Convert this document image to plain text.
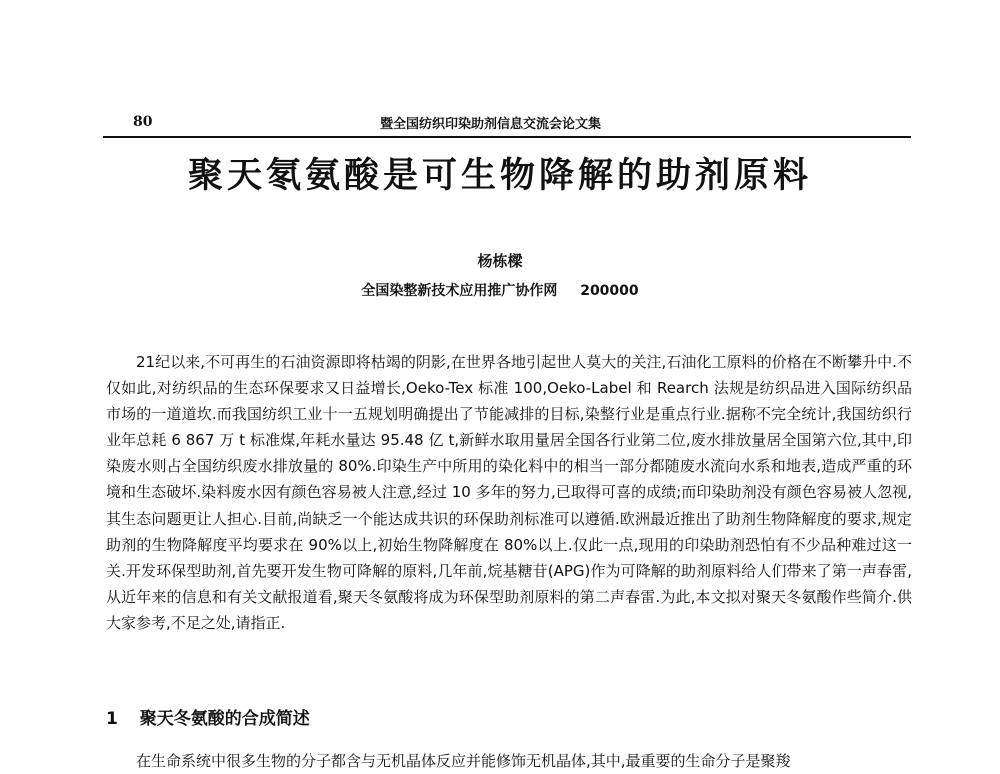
80	暨全国纺织印染助剂信息交流会论文集
聚天氡氨酸是可生物降解的助剂原料
杨栋樑
全国染整新技术应用推广协作网 200000

21纪以来,不可再生的石油资源即将枯竭的阴影,在世界各地引起世人莫大的关注,石油化工原料的价格在不断攀升中.不仅如此,对纺织品的生态环保要求又日益增长,Oeko-Tex 标准 100,Oeko-Label 和 Rearch 法规是纺织品进入国际纺织品市场的一道道坎.而我国纺织工业十一五规划明确提出了节能减排的目标,染整行业是重点行业.据称不完全统计,我国纺织行业年总耗 6 867 万 t 标准煤,年耗水量达 95.48 亿 t,新鲜水取用量居全国各行业第二位,废水排放量居全国第六位,其中,印染废水则占全国纺织废水排放量的 80%.印染生产中所用的染化料中的相当一部分都随废水流向水系和地表,造成严重的环境和生态破坏.染料废水因有颜色容易被人注意,经过 10 多年的努力,已取得可喜的成绩;而印染助剂没有颜色容易被人忽视,其生态问题更让人担心.目前,尚缺乏一个能达成共识的环保助剂标准可以遵循.欧洲最近推出了助剂生物降解度的要求,规定助剂的生物降解度平均要求在 90%以上,初始生物降解度在 80%以上.仅此一点,现用的印染助剂恐怕有不少品种难过这一关.开发环保型助剂,首先要开发生物可降解的原料,几年前,烷基糖苷(APG)作为可降解的助剂原料给人们带来了第一声春雷,从近年来的信息和有关文献报道看,聚天冬氨酸将成为环保型助剂原料的第二声春雷.为此,本文拟对聚天冬氨酸作些简介.供大家参考,不足之处,请指正.

1 聚天冬氨酸的合成简述
在生命系统中很多生物的分子都含与无机晶体反应并能修饰无机晶体,其中,最重要的生命分子是聚羧
